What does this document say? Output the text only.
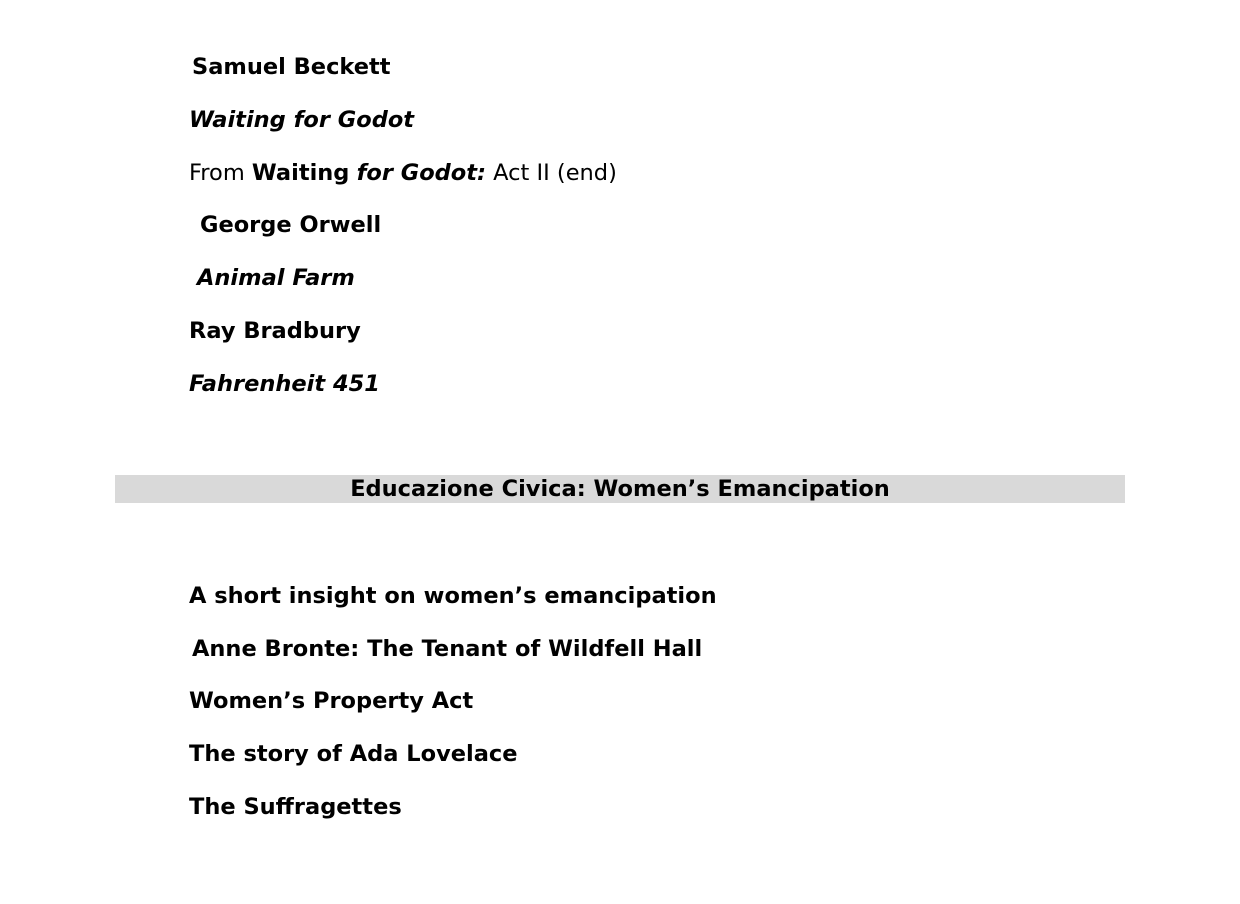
Samuel Beckett
Waiting for Godot
From Waiting for Godot: Act II (end)
George Orwell
Animal Farm
Ray Bradbury
Fahrenheit 451
Educazione Civica: Women’s Emancipation
A short insight on women’s emancipation
Anne Bronte: The Tenant of Wildfell Hall
Women’s Property Act
The story of Ada Lovelace
The Suffragettes
